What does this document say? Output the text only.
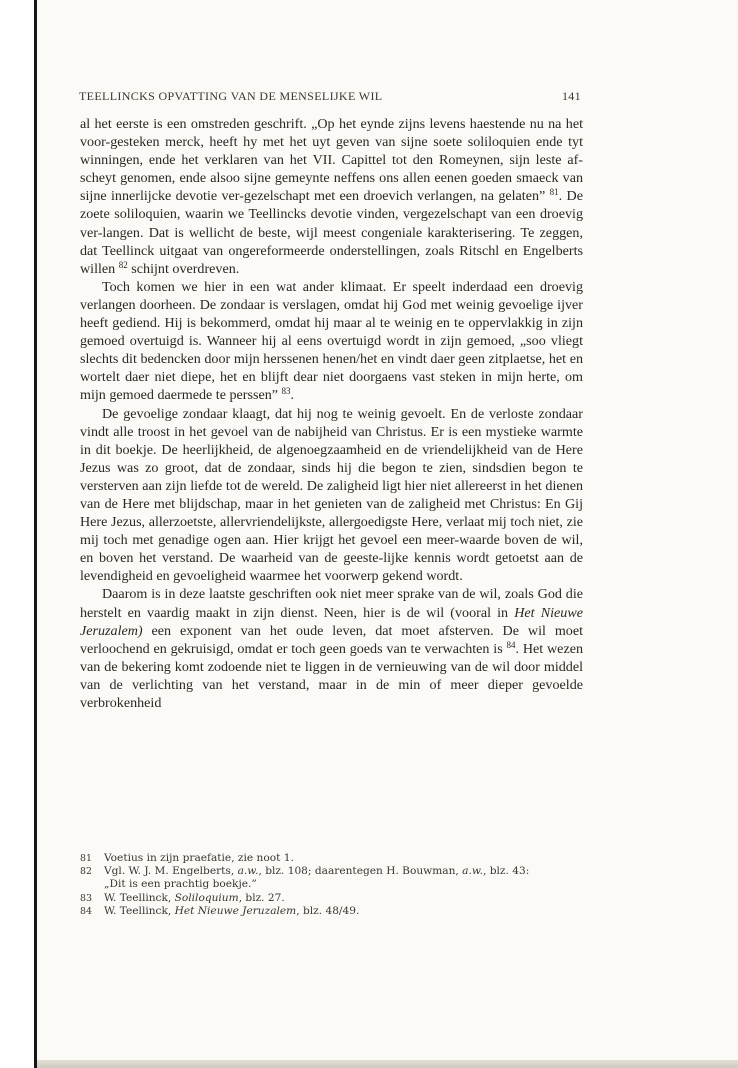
TEELLINCKS OPVATTING VAN DE MENSELIJKE WIL	141

al het eerste is een omstreden geschrift. „Op het eynde zijns levens haestende nu na het voor-gesteken merck, heeft hy met het uyt geven van sijne soete soliloquien ende tyt winningen, ende het verklaren van het VII. Capittel tot den Romeynen, sijn leste af-scheyt genomen, ende alsoo sijne gemeynte neffens ons allen eenen goeden smaeck van sijne innerlijcke devotie ver-gezelschapt met een droevich verlangen, na gelaten” $^{81}$. De zoete soliloquien, waarin we Teellincks devotie vinden, vergezelschapt van een droevig ver-langen. Dat is wellicht de beste, wijl meest congeniale karakterisering. Te zeggen, dat Teellinck uitgaat van ongereformeerde onderstellingen, zoals Ritschl en Engelberts willen $^{82}$ schijnt overdreven.

Toch komen we hier in een wat ander klimaat. Er speelt inderdaad een droevig verlangen doorheen. De zondaar is verslagen, omdat hij God met weinig gevoelige ijver heeft gediend. Hij is bekommerd, omdat hij maar al te weinig en te oppervlakkig in zijn gemoed overtuigd is. Wanneer hij al eens overtuigd wordt in zijn gemoed, „soo vliegt slechts dit bedencken door mijn herssenen henen/het en vindt daer geen zitplaetse, het en wortelt daer niet diepe, het en blijft dear niet doorgaens vast steken in mijn herte, om mijn gemoed daermede te perssen” $^{83}$.

De gevoelige zondaar klaagt, dat hij nog te weinig gevoelt. En de verloste zondaar vindt alle troost in het gevoel van de nabijheid van Christus. Er is een mystieke warmte in dit boekje. De heerlijkheid, de algenoegzaamheid en de vriendelijkheid van de Here Jezus was zo groot, dat de zondaar, sinds hij die begon te zien, sindsdien begon te versterven aan zijn liefde tot de wereld. De zaligheid ligt hier niet allereerst in het dienen van de Here met blijdschap, maar in het genieten van de zaligheid met Christus: En Gij Here Jezus, allerzoetste, allervriendelijkste, allergoedigste Here, verlaat mij toch niet, zie mij toch met genadige ogen aan. Hier krijgt het gevoel een meer-waarde boven de wil, en boven het verstand. De waarheid van de geeste-lijke kennis wordt getoetst aan de levendigheid en gevoeligheid waarmee het voorwerp gekend wordt.

Daarom is in deze laatste geschriften ook niet meer sprake van de wil, zoals God die herstelt en vaardig maakt in zijn dienst. Neen, hier is de wil (vooral in Het Nieuwe Jeruzalem) een exponent van het oude leven, dat moet afsterven. De wil moet verloochend en gekruisigd, omdat er toch geen goeds van te verwachten is $^{84}$. Het wezen van de bekering komt zodoende niet te liggen in de vernieuwing van de wil door middel van de verlichting van het verstand, maar in de min of meer dieper gevoelde verbrokenheid

81 Voetius in zijn praefatie, zie noot 1.
82 Vgl. W. J. M. Engelberts, a.w., blz. 108; daarentegen H. Bouwman, a.w., blz. 43:
„Dit is een prachtig boekje.”
83 W. Teellinck, Soliloquium, blz. 27.
84 W. Teellinck, Het Nieuwe Jeruzalem, blz. 48/49.
